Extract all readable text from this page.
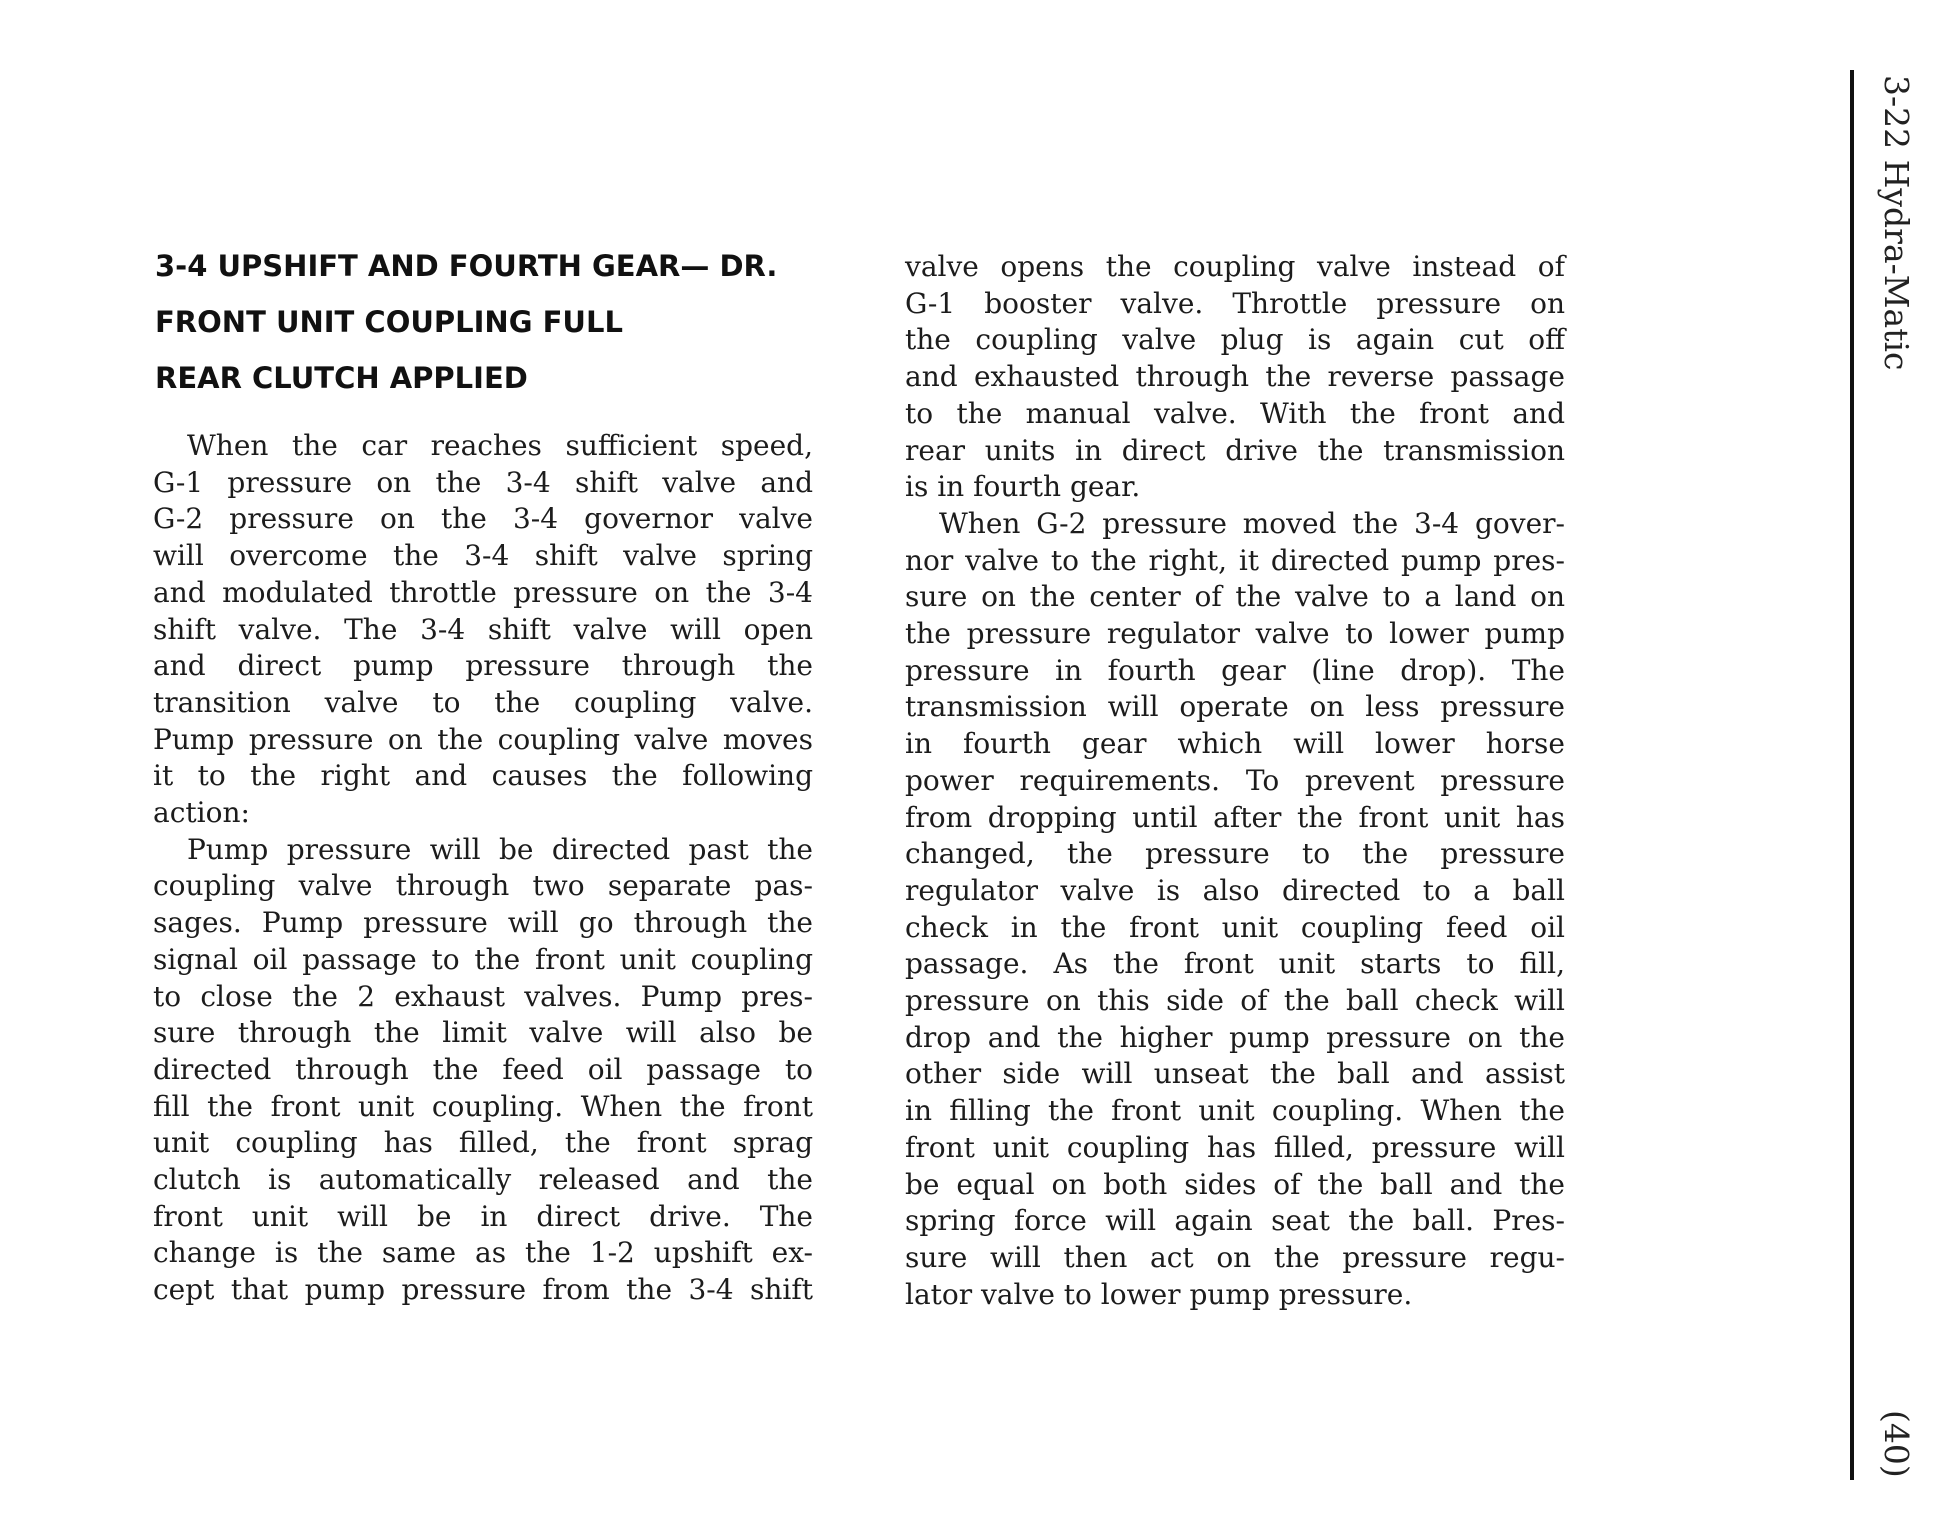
3-4 UPSHIFT AND FOURTH GEAR— DR.
FRONT UNIT COUPLING FULL
REAR CLUTCH APPLIED
When the car reaches sufficient speed,
G-1 pressure on the 3-4 shift valve and
G-2 pressure on the 3-4 governor valve
will overcome the 3-4 shift valve spring
and modulated throttle pressure on the 3-4
shift valve. The 3-4 shift valve will open
and direct pump pressure through the
transition valve to the coupling valve.
Pump pressure on the coupling valve moves
it to the right and causes the following
action:
Pump pressure will be directed past the
coupling valve through two separate pas-
sages. Pump pressure will go through the
signal oil passage to the front unit coupling
to close the 2 exhaust valves. Pump pres-
sure through the limit valve will also be
directed through the feed oil passage to
fill the front unit coupling. When the front
unit coupling has filled, the front sprag
clutch is automatically released and the
front unit will be in direct drive. The
change is the same as the 1-2 upshift ex-
cept that pump pressure from the 3-4 shift
valve opens the coupling valve instead of
G-1 booster valve. Throttle pressure on
the coupling valve plug is again cut off
and exhausted through the reverse passage
to the manual valve. With the front and
rear units in direct drive the transmission
is in fourth gear.
When G-2 pressure moved the 3-4 gover-
nor valve to the right, it directed pump pres-
sure on the center of the valve to a land on
the pressure regulator valve to lower pump
pressure in fourth gear (line drop). The
transmission will operate on less pressure
in fourth gear which will lower horse
power requirements. To prevent pressure
from dropping until after the front unit has
changed, the pressure to the pressure
regulator valve is also directed to a ball
check in the front unit coupling feed oil
passage. As the front unit starts to fill,
pressure on this side of the ball check will
drop and the higher pump pressure on the
other side will unseat the ball and assist
in filling the front unit coupling. When the
front unit coupling has filled, pressure will
be equal on both sides of the ball and the
spring force will again seat the ball. Pres-
sure will then act on the pressure regu-
lator valve to lower pump pressure.
3-22 Hydra-Matic
(40)
